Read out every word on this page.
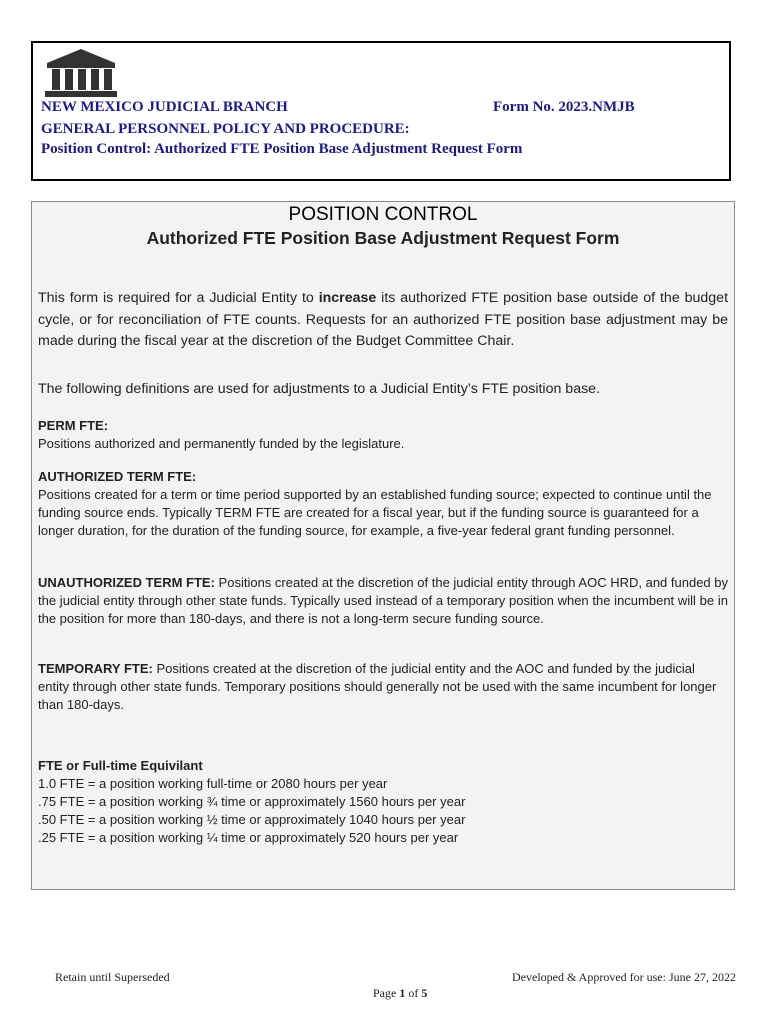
NEW MEXICO JUDICIAL BRANCH	Form No. 2023.NMJB
GENERAL PERSONNEL POLICY AND PROCEDURE:
Position Control: Authorized FTE Position Base Adjustment Request Form
POSITION CONTROL
Authorized FTE Position Base Adjustment Request Form
This form is required for a Judicial Entity to increase its authorized FTE position base outside of the budget cycle, or for reconciliation of FTE counts. Requests for an authorized FTE position base adjustment may be made during the fiscal year at the discretion of the Budget Committee Chair.
The following definitions are used for adjustments to a Judicial Entity’s FTE position base.
PERM FTE:
Positions authorized and permanently funded by the legislature.
AUTHORIZED TERM FTE:
Positions created for a term or time period supported by an established funding source; expected to continue until the funding source ends. Typically TERM FTE are created for a fiscal year, but if the funding source is guaranteed for a longer duration, for the duration of the funding source, for example, a five-year federal grant funding personnel.
UNAUTHORIZED TERM FTE: Positions created at the discretion of the judicial entity through AOC HRD, and funded by the judicial entity through other state funds. Typically used instead of a temporary position when the incumbent will be in the position for more than 180-days, and there is not a long-term secure funding source.
TEMPORARY FTE: Positions created at the discretion of the judicial entity and the AOC and funded by the judicial entity through other state funds. Temporary positions should generally not be used with the same incumbent for longer than 180-days.
FTE or Full-time Equivilant
1.0 FTE = a position working full-time or 2080 hours per year
.75 FTE = a position working ¾ time or approximately 1560 hours per year
.50 FTE = a position working ½ time or approximately 1040 hours per year
.25 FTE = a position working ¼ time or approximately 520 hours per year
Retain until Superseded	Developed & Approved for use: June 27, 2022
Page 1 of 5
